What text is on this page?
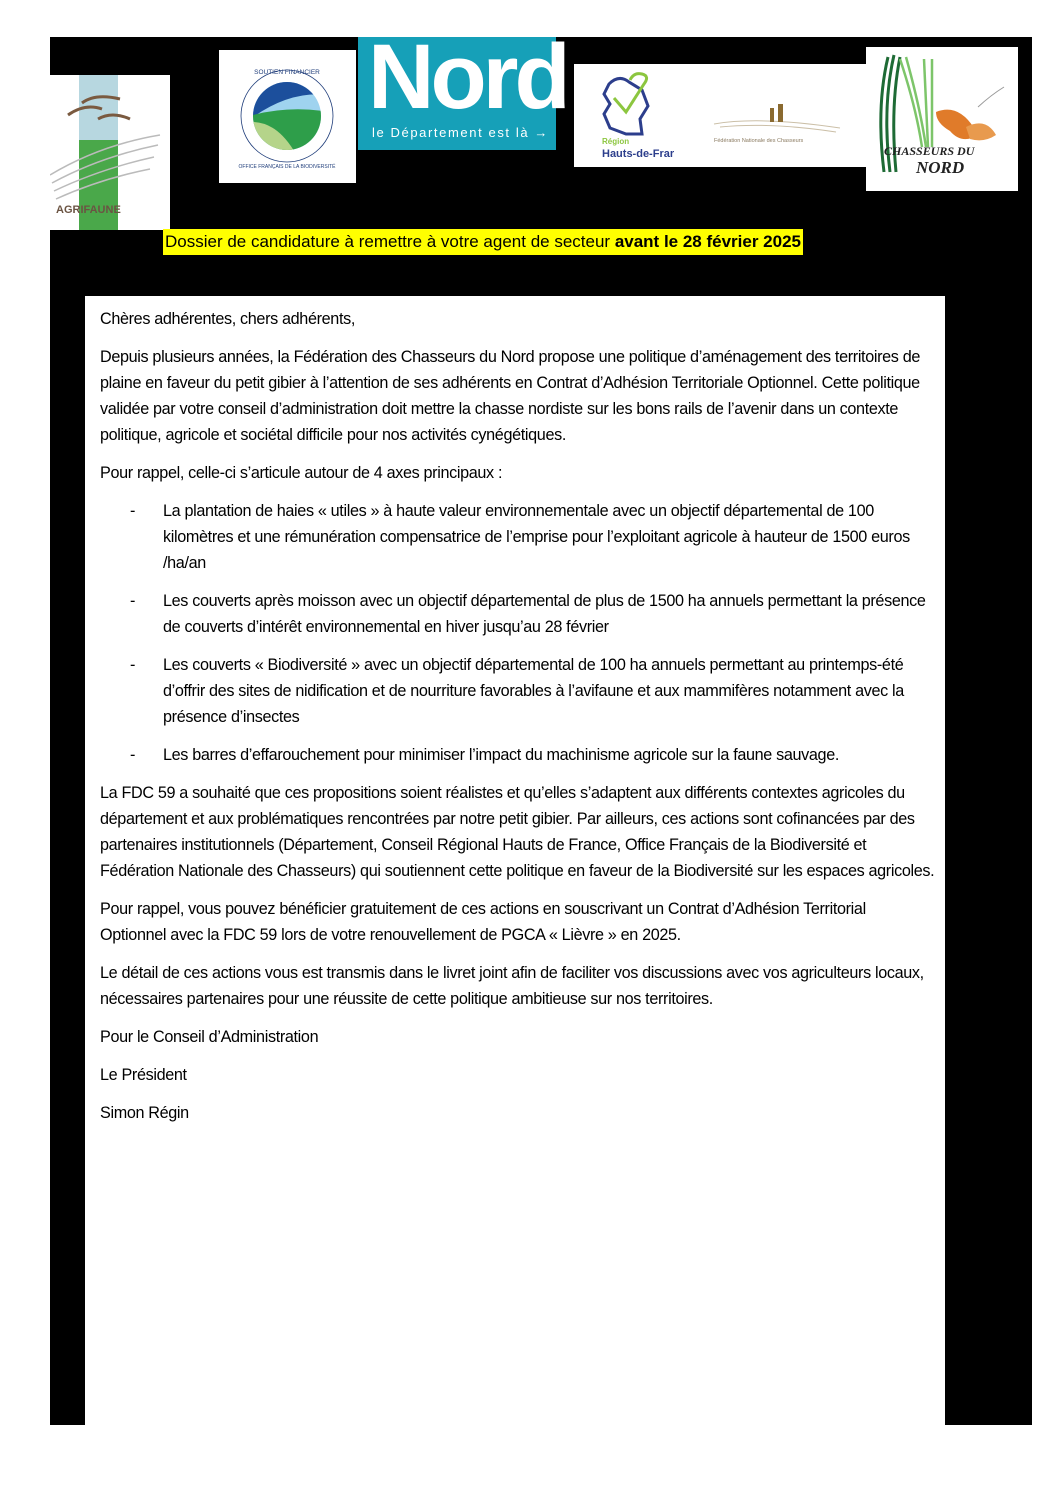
AGRIFAUNE
SOUTIEN FINANCIER
OFFICE FRANÇAIS DE LA BIODIVERSITÉ
Nord
le Département est là →
Région
Hauts-de-Frar
Fédération Nationale des Chasseurs
CHASSEURS DU
NORD
Dossier de candidature à remettre à votre agent de secteur avant le 28 février 2025

Chères adhérentes, chers adhérents,

Depuis plusieurs années, la Fédération des Chasseurs du Nord propose une politique d’aménagement des territoires de plaine en faveur du petit gibier à l’attention de ses adhérents en Contrat d’Adhésion Territoriale Optionnel. Cette politique validée par votre conseil d’administration doit mettre la chasse nordiste sur les bons rails de l’avenir dans un contexte politique, agricole et sociétal difficile pour nos activités cynégétiques.

Pour rappel, celle-ci s’articule autour de 4 axes principaux :

- La plantation de haies « utiles » à haute valeur environnementale avec un objectif départemental de 100 kilomètres et une rémunération compensatrice de l’emprise pour l’exploitant agricole à hauteur de 1500 euros /ha/an
- Les couverts après moisson avec un objectif départemental de plus de 1500 ha annuels permettant la présence de couverts d’intérêt environnemental en hiver jusqu’au 28 février
- Les couverts « Biodiversité » avec un objectif départemental de 100 ha annuels permettant au printemps-été d’offrir des sites de nidification et de nourriture favorables à l’avifaune et aux mammifères notamment avec la présence d’insectes
- Les barres d’effarouchement pour minimiser l’impact du machinisme agricole sur la faune sauvage.

La FDC 59 a souhaité que ces propositions soient réalistes et qu’elles s’adaptent aux différents contextes agricoles du département et aux problématiques rencontrées par notre petit gibier. Par ailleurs, ces actions sont cofinancées par des partenaires institutionnels (Département, Conseil Régional Hauts de France, Office Français de la Biodiversité et Fédération Nationale des Chasseurs) qui soutiennent cette politique en faveur de la Biodiversité sur les espaces agricoles.

Pour rappel, vous pouvez bénéficier gratuitement de ces actions en souscrivant un Contrat d’Adhésion Territorial Optionnel avec la FDC 59 lors de votre renouvellement de PGCA « Lièvre » en 2025.

Le détail de ces actions vous est transmis dans le livret joint afin de faciliter vos discussions avec vos agriculteurs locaux, nécessaires partenaires pour une réussite de cette politique ambitieuse sur nos territoires.

Pour le Conseil d’Administration

Le Président

Simon Régin
